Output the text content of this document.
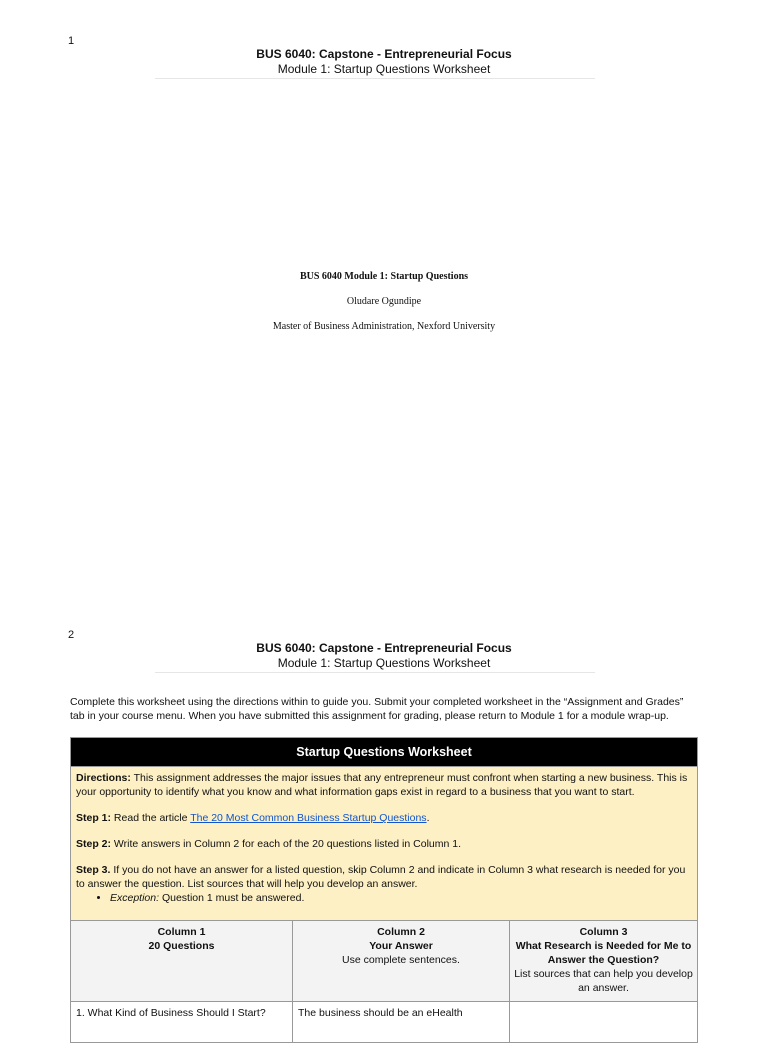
1
BUS 6040: Capstone - Entrepreneurial Focus
Module 1: Startup Questions Worksheet
BUS 6040 Module 1: Startup Questions
Oludare Ogundipe
Master of Business Administration, Nexford University
2
BUS 6040: Capstone - Entrepreneurial Focus
Module 1: Startup Questions Worksheet
Complete this worksheet using the directions within to guide you. Submit your completed worksheet in the “Assignment and Grades” tab in your course menu. When you have submitted this assignment for grading, please return to Module 1 for a module wrap-up.
Startup Questions Worksheet

Directions: This assignment addresses the major issues that any entrepreneur must confront when starting a new business. This is your opportunity to identify what you know and what information gaps exist in regard to a business that you want to start.

Step 1: Read the article The 20 Most Common Business Startup Questions.

Step 2: Write answers in Column 2 for each of the 20 questions listed in Column 1.

Step 3. If you do not have an answer for a listed question, skip Column 2 and indicate in Column 3 what research is needed for you to answer the question. List sources that will help you develop an answer.

• Exception: Question 1 must be answered.
Column 1
20 Questions
Column 2
Your Answer
Use complete sentences.
Column 3
What Research is Needed for Me to Answer the Question?
List sources that can help you develop an answer.
1. What Kind of Business Should I Start?	The business should be an eHealth
